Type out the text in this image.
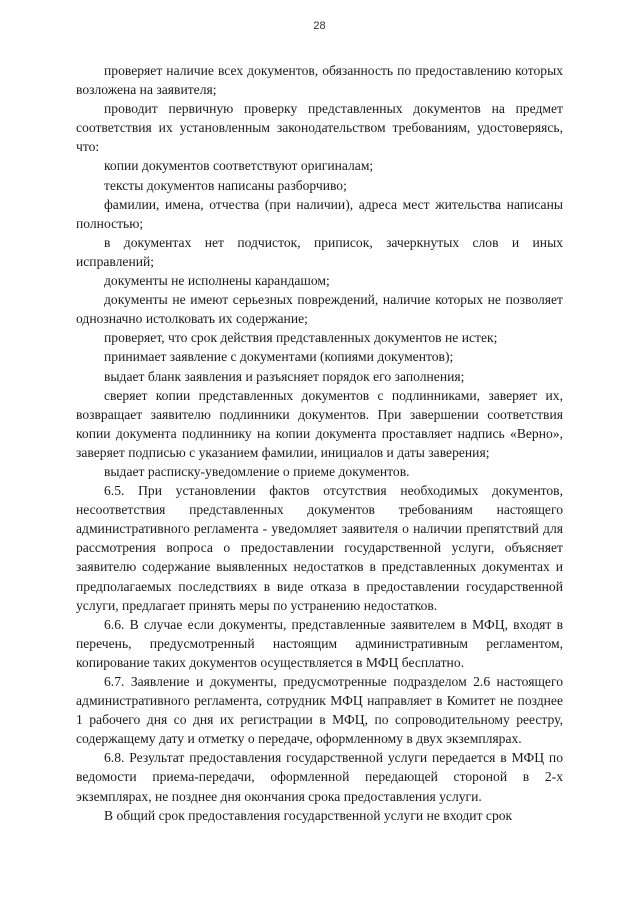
28

проверяет наличие всех документов, обязанность по предоставлению которых возложена на заявителя;

проводит первичную проверку представленных документов на предмет соответствия их установленным законодательством требованиям, удостоверяясь, что:

копии документов соответствуют оригиналам;

тексты документов написаны разборчиво;

фамилии, имена, отчества (при наличии), адреса мест жительства написаны полностью;

в документах нет подчисток, приписок, зачеркнутых слов и иных исправлений;

документы не исполнены карандашом;

документы не имеют серьезных повреждений, наличие которых не позволяет однозначно истолковать их содержание;

проверяет, что срок действия представленных документов не истек;

принимает заявление с документами (копиями документов);

выдает бланк заявления и разъясняет порядок его заполнения;

сверяет копии представленных документов с подлинниками, заверяет их, возвращает заявителю подлинники документов. При завершении соответствия копии документа подлиннику на копии документа проставляет надпись «Верно», заверяет подписью с указанием фамилии, инициалов и даты заверения;

выдает расписку-уведомление о приеме документов.

6.5. При установлении фактов отсутствия необходимых документов, несоответствия представленных документов требованиям настоящего административного регламента - уведомляет заявителя о наличии препятствий для рассмотрения вопроса о предоставлении государственной услуги, объясняет заявителю содержание выявленных недостатков в представленных документах и предполагаемых последствиях в виде отказа в предоставлении государственной услуги, предлагает принять меры по устранению недостатков.

6.6. В случае если документы, представленные заявителем в МФЦ, входят в перечень, предусмотренный настоящим административным регламентом, копирование таких документов осуществляется в МФЦ бесплатно.

6.7. Заявление и документы, предусмотренные подразделом 2.6 настоящего административного регламента, сотрудник МФЦ направляет в Комитет не позднее 1 рабочего дня со дня их регистрации в МФЦ, по сопроводительному реестру, содержащему дату и отметку о передаче, оформленному в двух экземплярах.

6.8. Результат предоставления государственной услуги передается в МФЦ по ведомости приема-передачи, оформленной передающей стороной в 2-х экземплярах, не позднее дня окончания срока предоставления услуги.

В общий срок предоставления государственной услуги не входит срок
